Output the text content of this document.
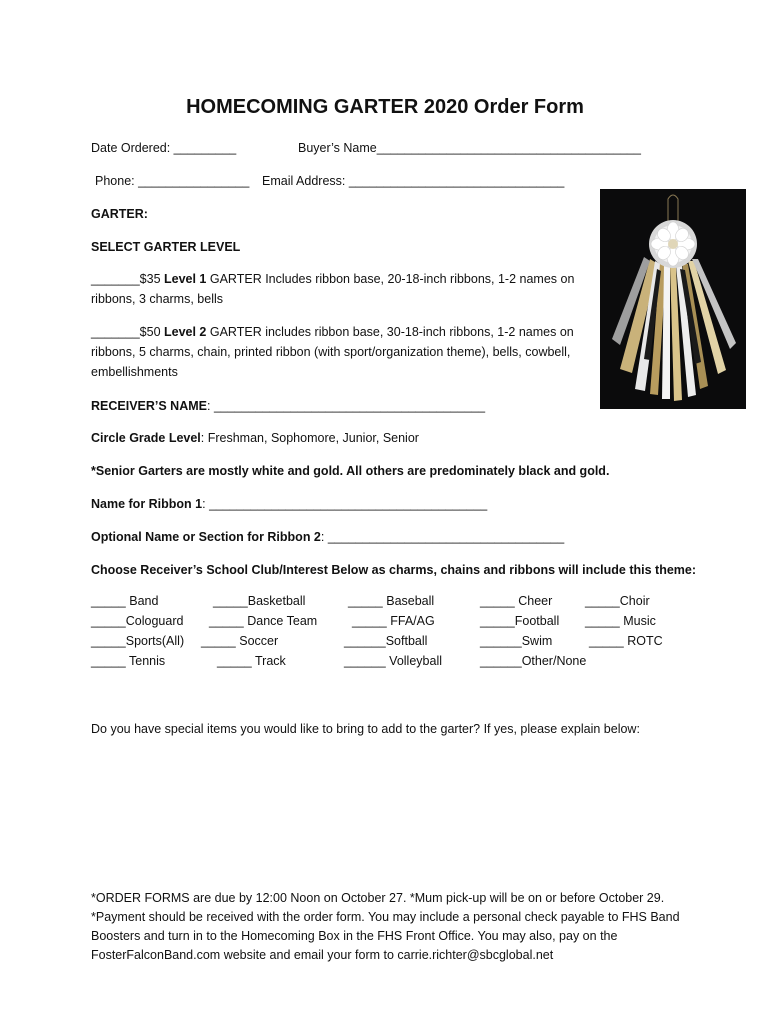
HOMECOMING GARTER 2020 Order Form
Date Ordered: _________	Buyer’s Name______________________________________
Phone: ________________ Email Address: _______________________________
GARTER:
SELECT GARTER LEVEL
_______$35 Level 1 GARTER Includes ribbon base, 20-18-inch ribbons, 1-2 names on ribbons, 3 charms, bells
_______$50 Level 2 GARTER includes ribbon base, 30-18-inch ribbons, 1-2 names on ribbons, 5 charms, chain, printed ribbon (with sport/organization theme), bells, cowbell, embellishments
RECEIVER’S NAME: _______________________________________
Circle Grade Level: Freshman, Sophomore, Junior, Senior
*Senior Garters are mostly white and gold. All others are predominately black and gold.
Name for Ribbon 1: ________________________________________
Optional Name or Section for Ribbon 2: __________________________________
Choose Receiver’s School Club/Interest Below as charms, chains and ribbons will include this theme:
_____ Band	_____Basketball	_____ Baseball	_____ Cheer	_____Choir
_____Cologuard _____ Dance Team	_____ FFA/AG	_____Football _____ Music
_____Sports(All) _____ Soccer	______Softball	______Swim	_____ ROTC
_____ Tennis	_____ Track	______ Volleyball	______Other/None
Do you have special items you would like to bring to add to the garter? If yes, please explain below:
*ORDER FORMS are due by 12:00 Noon on October 27. *Mum pick-up will be on or before October 29.
*Payment should be received with the order form. You may include a personal check payable to FHS Band Boosters and turn in to the Homecoming Box in the FHS Front Office. You may also, pay on the FosterFalconBand.com website and email your form to carrie.richter@sbcglobal.net
